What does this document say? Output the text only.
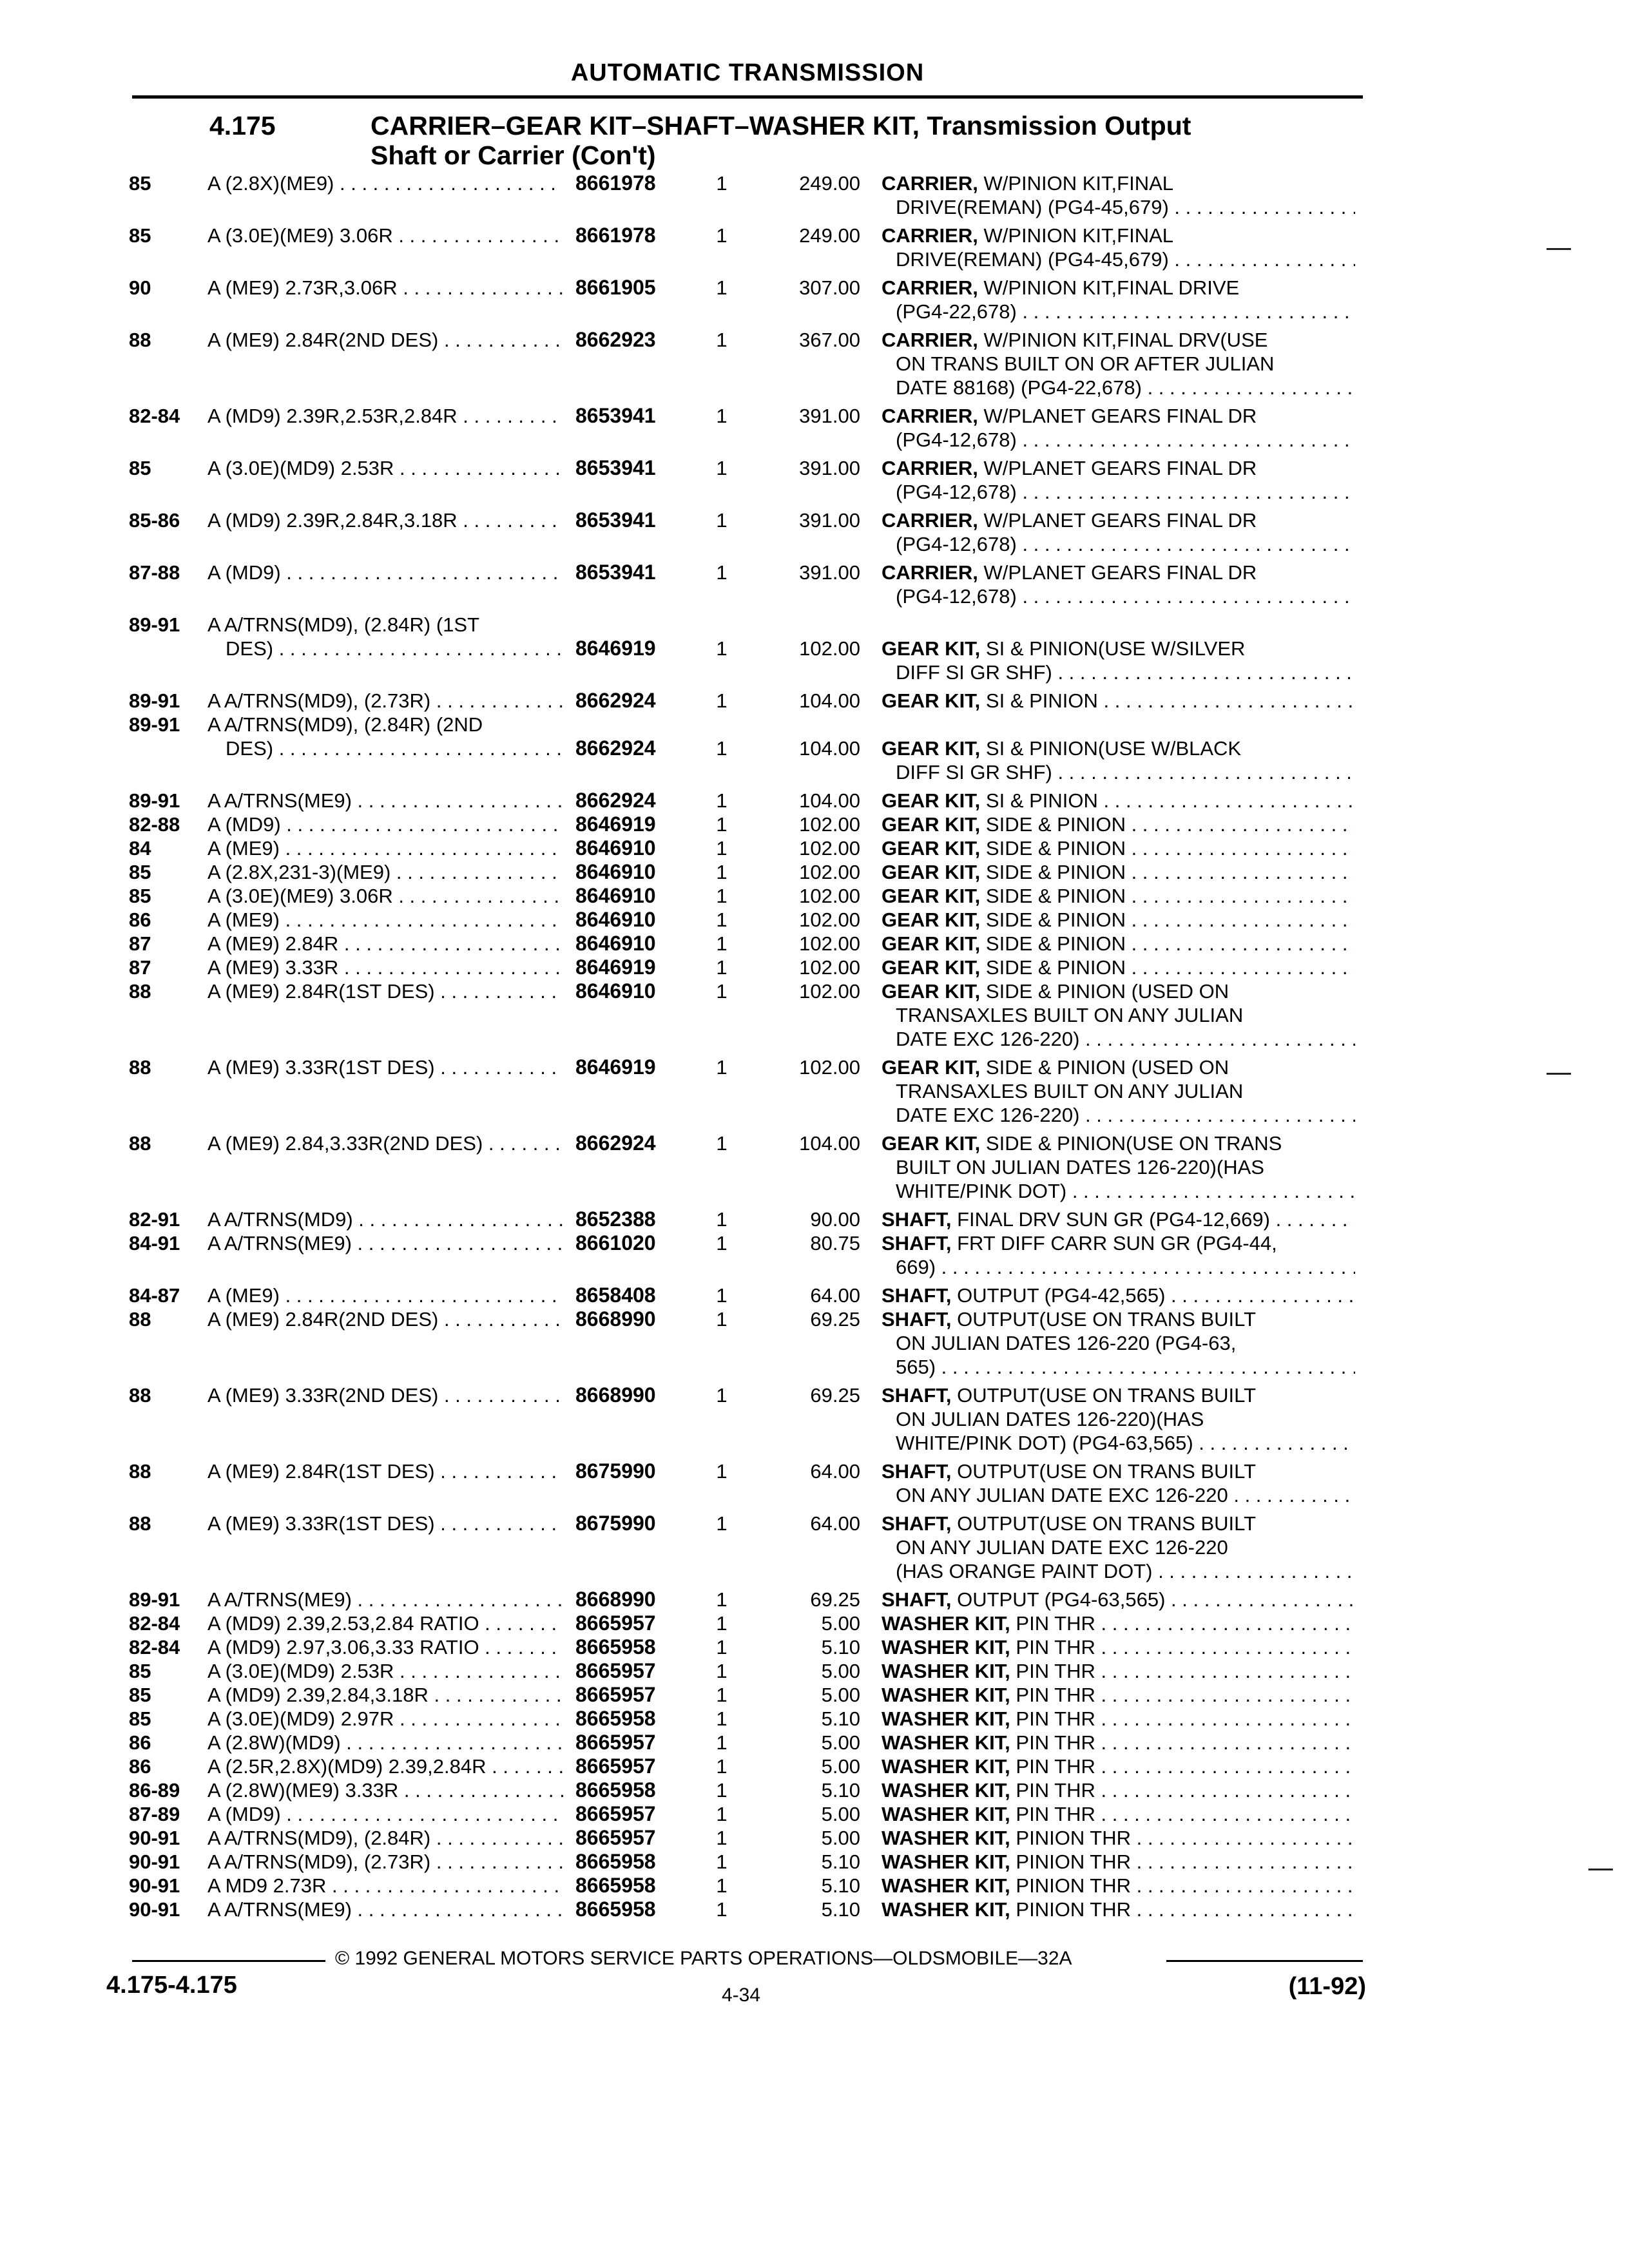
AUTOMATIC TRANSMISSION
4.175	CARRIER–GEAR KIT–SHAFT–WASHER KIT, Transmission Output
Shaft or Carrier (Con't)
85	A (2.8X)(ME9) . . .	8661978	1	249.00 CARRIER, W/PINION KIT,FINAL
DRIVE(REMAN) (PG4-45,679) . . .
85	A (3.0E)(ME9) 3.06R . . .	8661978	1	249.00 CARRIER, W/PINION KIT,FINAL
DRIVE(REMAN) (PG4-45,679) . . .
90	A (ME9) 2.73R,3.06R . . .	8661905	1	307.00 CARRIER, W/PINION KIT,FINAL DRIVE
(PG4-22,678) . . .
88	A (ME9) 2.84R(2ND DES) . . .	8662923	1	367.00 CARRIER, W/PINION KIT,FINAL DRV(USE
ON TRANS BUILT ON OR AFTER JULIAN
DATE 88168) (PG4-22,678) . . .
82-84	A (MD9) 2.39R,2.53R,2.84R . . .	8653941	1	391.00 CARRIER, W/PLANET GEARS FINAL DR
(PG4-12,678) . . .
85	A (3.0E)(MD9) 2.53R . . .	8653941	1	391.00 CARRIER, W/PLANET GEARS FINAL DR
(PG4-12,678) . . .
85-86	A (MD9) 2.39R,2.84R,3.18R . . .	8653941	1	391.00 CARRIER, W/PLANET GEARS FINAL DR
(PG4-12,678) . . .
87-88	A (MD9) . . .	8653941	1	391.00 CARRIER, W/PLANET GEARS FINAL DR
(PG4-12,678) . . .
89-91	A A/TRNS(MD9), (2.84R) (1ST
DES) . . .	8646919	1	102.00 GEAR KIT, SI & PINION(USE W/SILVER
DIFF SI GR SHF) . . .
89-91	A A/TRNS(MD9), (2.73R) . . .	8662924	1	104.00 GEAR KIT, SI & PINION . . .
89-91	A A/TRNS(MD9), (2.84R) (2ND
DES) . . .	8662924	1	104.00 GEAR KIT, SI & PINION(USE W/BLACK
DIFF SI GR SHF) . . .
89-91	A A/TRNS(ME9) . . .	8662924	1	104.00 GEAR KIT, SI & PINION . . .
82-88	A (MD9) . . .	8646919	1	102.00 GEAR KIT, SIDE & PINION . . .
84	A (ME9) . . .	8646910	1	102.00 GEAR KIT, SIDE & PINION . . .
85	A (2.8X,231-3)(ME9) . . .	8646910	1	102.00 GEAR KIT, SIDE & PINION . . .
85	A (3.0E)(ME9) 3.06R . . .	8646910	1	102.00 GEAR KIT, SIDE & PINION . . .
86	A (ME9) . . .	8646910	1	102.00 GEAR KIT, SIDE & PINION . . .
87	A (ME9) 2.84R . . .	8646910	1	102.00 GEAR KIT, SIDE & PINION . . .
87	A (ME9) 3.33R . . .	8646919	1	102.00 GEAR KIT, SIDE & PINION . . .
88	A (ME9) 2.84R(1ST DES) . . .	8646910	1	102.00 GEAR KIT, SIDE & PINION (USED ON
TRANSAXLES BUILT ON ANY JULIAN
DATE EXC 126-220) . . .
88	A (ME9) 3.33R(1ST DES) . . .	8646919	1	102.00 GEAR KIT, SIDE & PINION (USED ON
TRANSAXLES BUILT ON ANY JULIAN
DATE EXC 126-220) . . .
88	A (ME9) 2.84,3.33R(2ND DES) . . .	8662924	1	104.00 GEAR KIT, SIDE & PINION(USE ON TRANS
BUILT ON JULIAN DATES 126-220)(HAS
WHITE/PINK DOT) . . .
82-91	A A/TRNS(MD9) . . .	8652388	1	90.00 SHAFT, FINAL DRV SUN GR (PG4-12,669) . . .
84-91	A A/TRNS(ME9) . . .	8661020	1	80.75 SHAFT, FRT DIFF CARR SUN GR (PG4-44,
669) . . .
84-87	A (ME9) . . .	8658408	1	64.00 SHAFT, OUTPUT (PG4-42,565) . . .
88	A (ME9) 2.84R(2ND DES) . . .	8668990	1	69.25 SHAFT, OUTPUT(USE ON TRANS BUILT
ON JULIAN DATES 126-220 (PG4-63,
565) . . .
88	A (ME9) 3.33R(2ND DES) . . .	8668990	1	69.25 SHAFT, OUTPUT(USE ON TRANS BUILT
ON JULIAN DATES 126-220)(HAS
WHITE/PINK DOT) (PG4-63,565) . . .
88	A (ME9) 2.84R(1ST DES) . . .	8675990	1	64.00 SHAFT, OUTPUT(USE ON TRANS BUILT
ON ANY JULIAN DATE EXC 126-220 . . .
88	A (ME9) 3.33R(1ST DES) . . .	8675990	1	64.00 SHAFT, OUTPUT(USE ON TRANS BUILT
ON ANY JULIAN DATE EXC 126-220
(HAS ORANGE PAINT DOT) . . .
89-91	A A/TRNS(ME9) . . .	8668990	1	69.25 SHAFT, OUTPUT (PG4-63,565) . . .
82-84	A (MD9) 2.39,2.53,2.84 RATIO . . .	8665957	1	5.00 WASHER KIT, PIN THR . . .
82-84	A (MD9) 2.97,3.06,3.33 RATIO . . .	8665958	1	5.10 WASHER KIT, PIN THR . . .
85	A (3.0E)(MD9) 2.53R . . .	8665957	1	5.00 WASHER KIT, PIN THR . . .
85	A (MD9) 2.39,2.84,3.18R . . .	8665957	1	5.00 WASHER KIT, PIN THR . . .
85	A (3.0E)(MD9) 2.97R . . .	8665958	1	5.10 WASHER KIT, PIN THR . . .
86	A (2.8W)(MD9) . . .	8665957	1	5.00 WASHER KIT, PIN THR . . .
86	A (2.5R,2.8X)(MD9) 2.39,2.84R . . .	8665957	1	5.00 WASHER KIT, PIN THR . . .
86-89	A (2.8W)(ME9) 3.33R . . .	8665958	1	5.10 WASHER KIT, PIN THR . . .
87-89	A (MD9) . . .	8665957	1	5.00 WASHER KIT, PIN THR . . .
90-91	A A/TRNS(MD9), (2.84R) . . .	8665957	1	5.00 WASHER KIT, PINION THR . . .
90-91	A A/TRNS(MD9), (2.73R) . . .	8665958	1	5.10 WASHER KIT, PINION THR . . .
90-91	A MD9 2.73R . . .	8665958	1	5.10 WASHER KIT, PINION THR . . .
90-91	A A/TRNS(ME9) . . .	8665958	1	5.10 WASHER KIT, PINION THR . . .
© 1992 GENERAL MOTORS SERVICE PARTS OPERATIONS—OLDSMOBILE—32A
4.175-4.175	4-34	(11-92)
